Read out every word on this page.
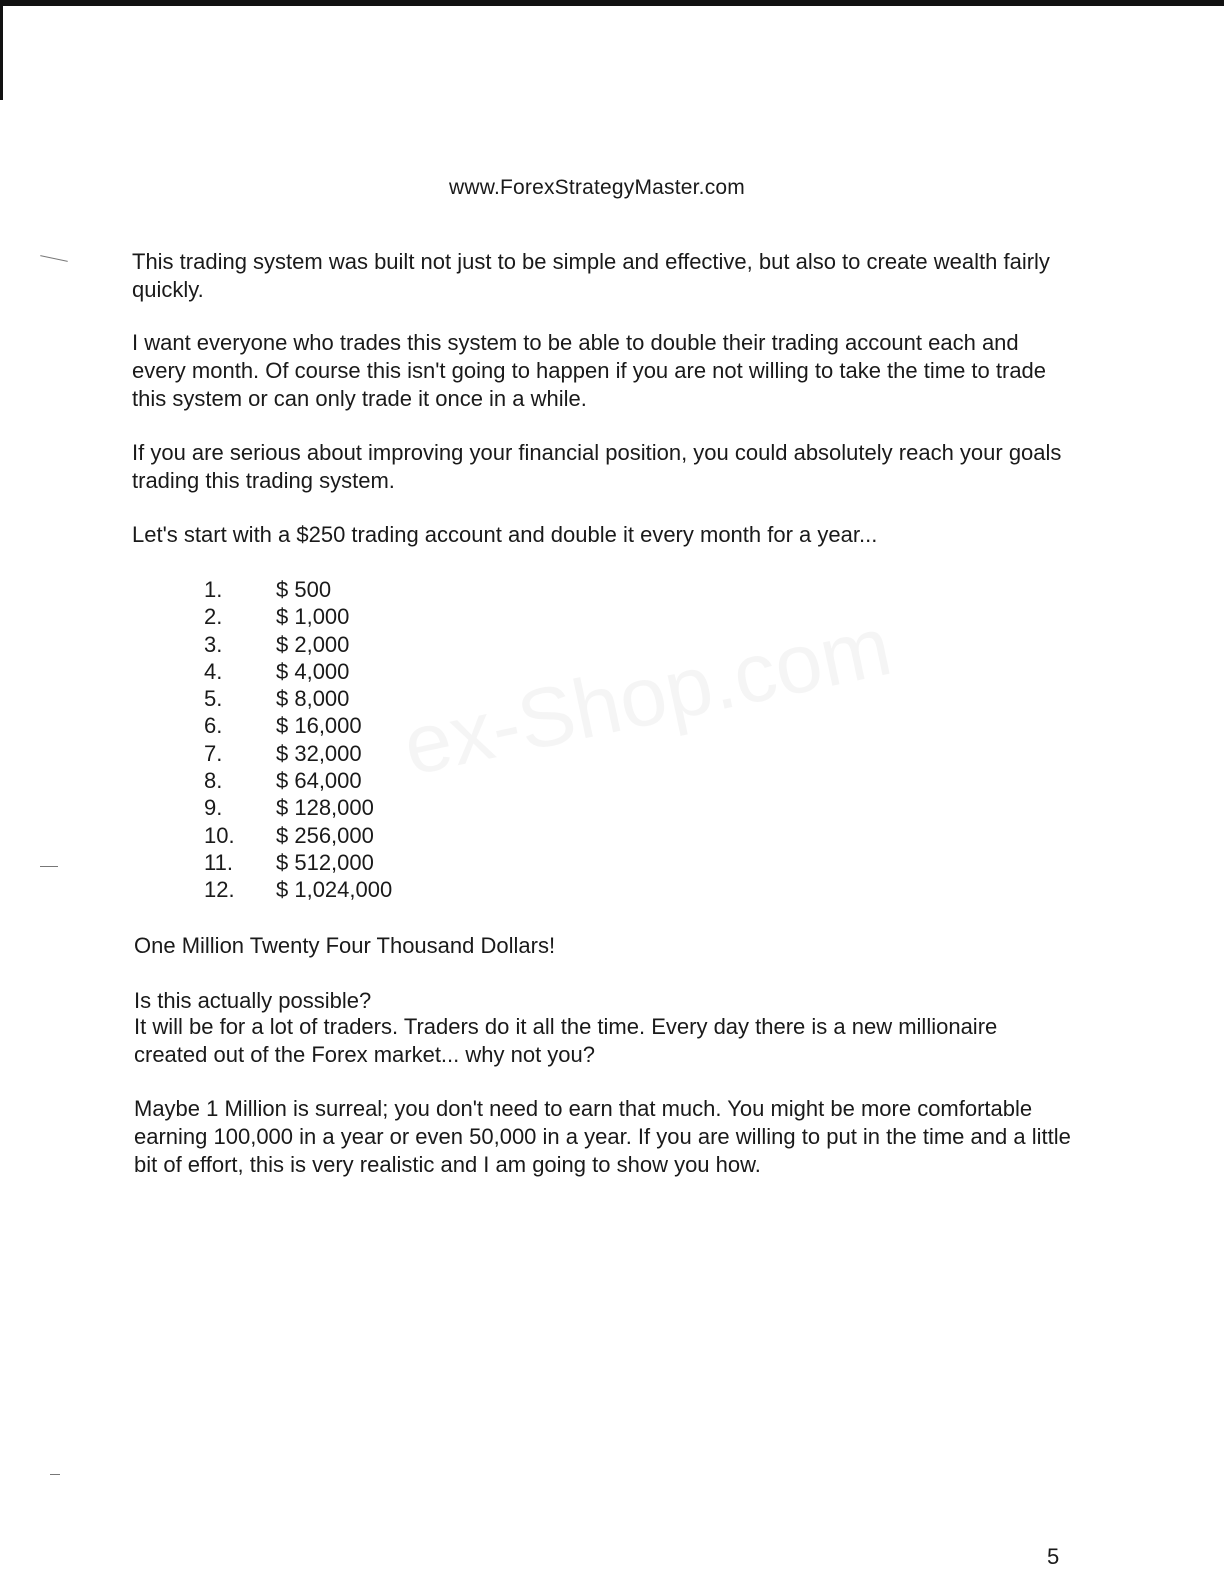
www.ForexStrategyMaster.com

This trading system was built not just to be simple and effective, but also to create wealth fairly quickly.

I want everyone who trades this system to be able to double their trading account each and every month. Of course this isn't going to happen if you are not willing to take the time to trade this system or can only trade it once in a while.

If you are serious about improving your financial position, you could absolutely reach your goals trading this trading system.

Let's start with a $250 trading account and double it every month for a year...

1.	$ 500
2.	$ 1,000
3.	$ 2,000
4.	$ 4,000
5.	$ 8,000
6.	$ 16,000
7.	$ 32,000
8.	$ 64,000
9.	$ 128,000
10.	$ 256,000
11.	$ 512,000
12.	$ 1,024,000

One Million Twenty Four Thousand Dollars!

Is this actually possible?

It will be for a lot of traders. Traders do it all the time. Every day there is a new millionaire created out of the Forex market... why not you?

Maybe 1 Million is surreal; you don't need to earn that much. You might be more comfortable earning 100,000 in a year or even 50,000 in a year. If you are willing to put in the time and a little bit of effort, this is very realistic and I am going to show you how.

5
